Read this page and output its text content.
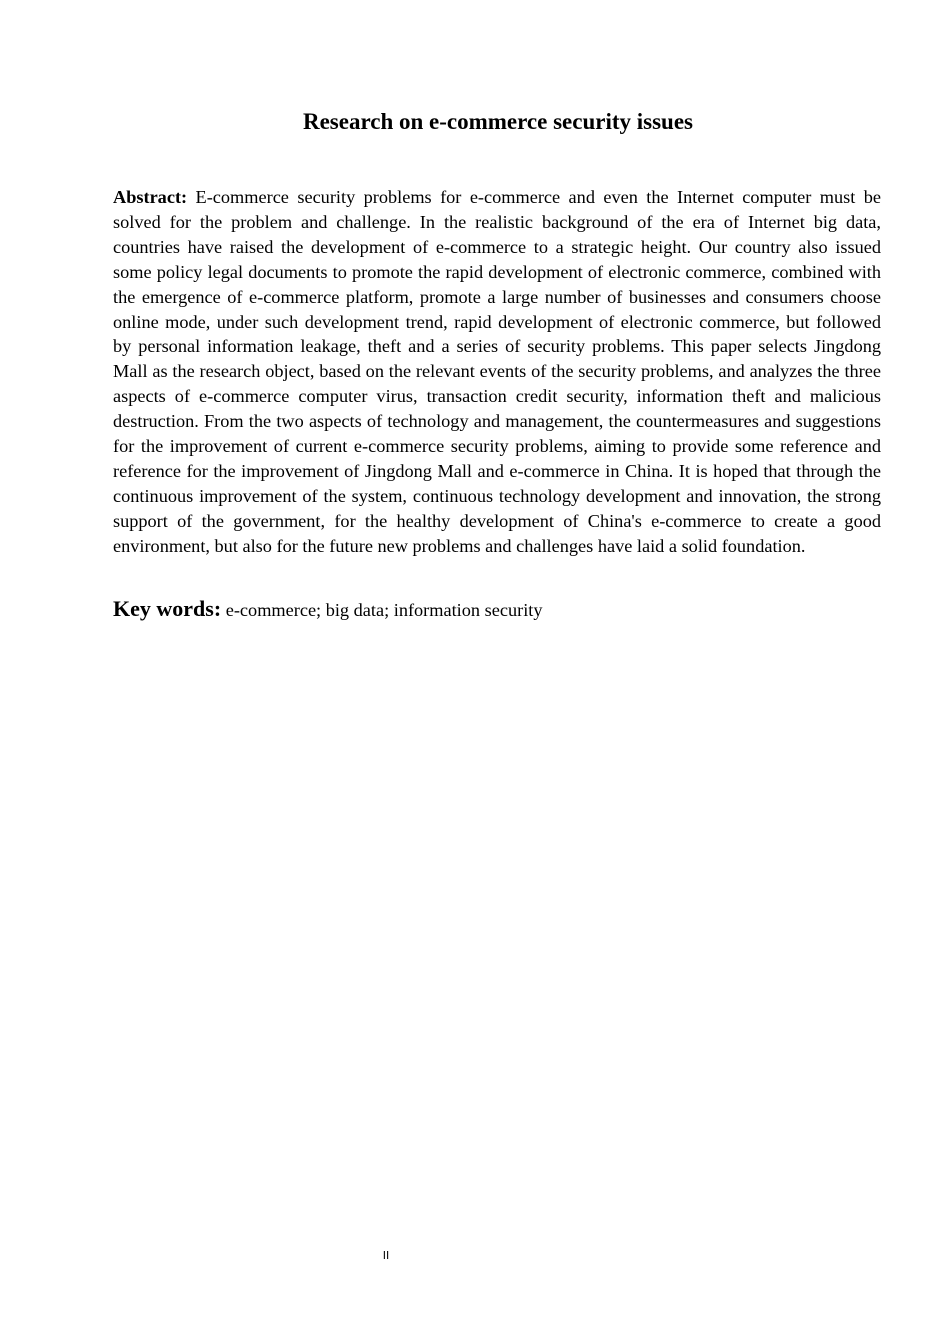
Research on e-commerce security issues

Abstract: E-commerce security problems for e-commerce and even the Internet computer must be solved for the problem and challenge. In the realistic background of the era of Internet big data, countries have raised the development of e-commerce to a strategic height. Our country also issued some policy legal documents to promote the rapid development of electronic commerce, combined with the emergence of e-commerce platform, promote a large number of businesses and consumers choose online mode, under such development trend, rapid development of electronic commerce, but followed by personal information leakage, theft and a series of security problems. This paper selects Jingdong Mall as the research object, based on the relevant events of the security problems, and analyzes the three aspects of e-commerce computer virus, transaction credit security, information theft and malicious destruction. From the two aspects of technology and management, the countermeasures and suggestions for the improvement of current e-commerce security problems, aiming to provide some reference and reference for the improvement of Jingdong Mall and e-commerce in China. It is hoped that through the continuous improvement of the system, continuous technology development and innovation, the strong support of the government, for the healthy development of China's e-commerce to create a good environment, but also for the future new problems and challenges have laid a solid foundation.

Key words: e-commerce; big data; information security

II
